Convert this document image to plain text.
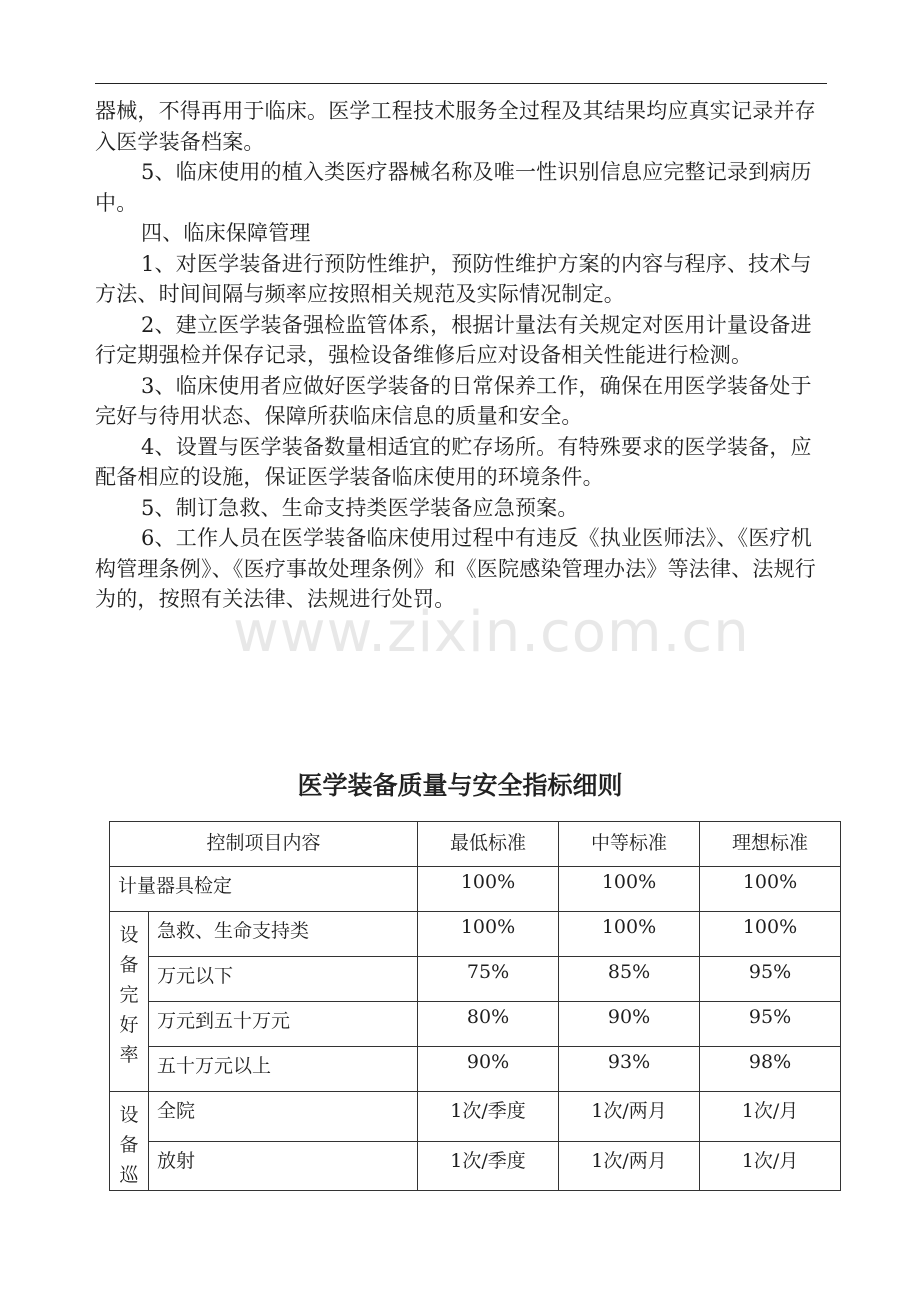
器械，不得再用于临床。医学工程技术服务全过程及其结果均应真实记录并存入医学装备档案。

5、临床使用的植入类医疗器械名称及唯一性识别信息应完整记录到病历中。

四、临床保障管理

1、对医学装备进行预防性维护，预防性维护方案的内容与程序、技术与方法、时间间隔与频率应按照相关规范及实际情况制定。

2、建立医学装备强检监管体系，根据计量法有关规定对医用计量设备进行定期强检并保存记录，强检设备维修后应对设备相关性能进行检测。

3、临床使用者应做好医学装备的日常保养工作，确保在用医学装备处于完好与待用状态、保障所获临床信息的质量和安全。

4、设置与医学装备数量相适宜的贮存场所。有特殊要求的医学装备，应配备相应的设施，保证医学装备临床使用的环境条件。

5、制订急救、生命支持类医学装备应急预案。

6、工作人员在医学装备临床使用过程中有违反《执业医师法》、《医疗机构管理条例》、《医疗事故处理条例》和《医院感染管理办法》等法律、法规行为的，按照有关法律、法规进行处罚。

www.zixin.com.cn
医学装备质量与安全指标细则
控制项目内容		最低标准	中等标准	理想标准

计量器具检定		100%	100%	100%

设备完好率	急救、生命支持类	100%	100%	100%

	万元以下	75%	85%	95%

	万元到五十万元	80%	90%	95%

	五十万元以上	90%	93%	98%

设备巡	全院	1次/季度	1次/两月	1次/月

	放射	1次/季度	1次/两月	1次/月
